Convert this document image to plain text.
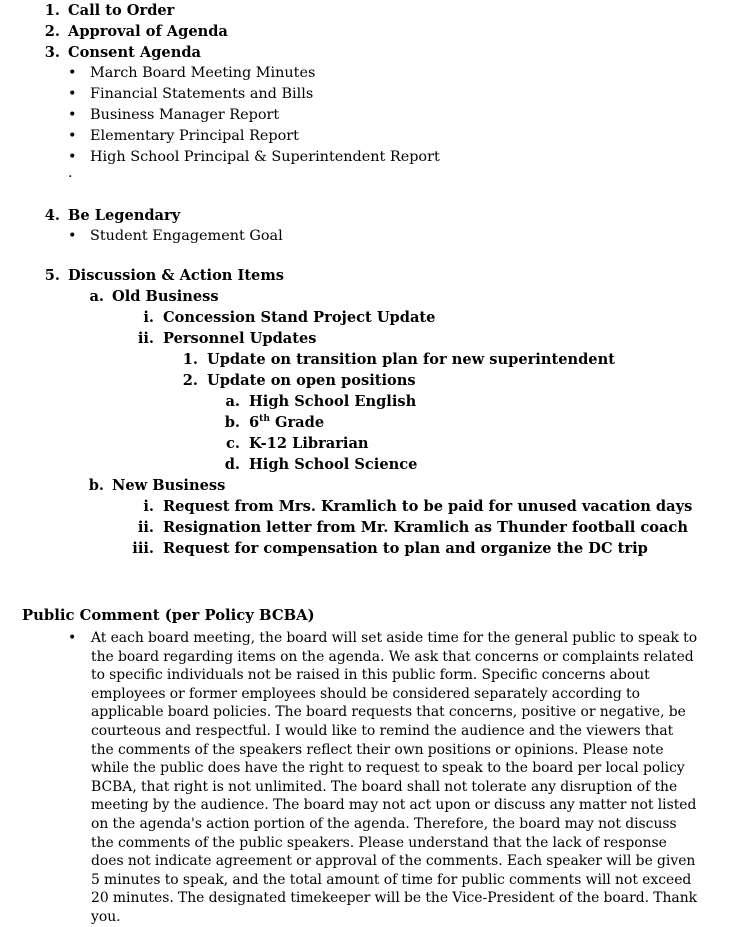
1. Call to Order
2. Approval of Agenda
3. Consent Agenda
• March Board Meeting Minutes
• Financial Statements and Bills
• Business Manager Report
• Elementary Principal Report
• High School Principal & Superintendent Report
·
4. Be Legendary
• Student Engagement Goal
5. Discussion & Action Items
a. Old Business
i. Concession Stand Project Update
ii. Personnel Updates
1. Update on transition plan for new superintendent
2. Update on open positions
a. High School English
b. 6th Grade
c. K-12 Librarian
d. High School Science
b. New Business
i. Request from Mrs. Kramlich to be paid for unused vacation days
ii. Resignation letter from Mr. Kramlich as Thunder football coach
iii. Request for compensation to plan and organize the DC trip
Public Comment (per Policy BCBA)
• At each board meeting, the board will set aside time for the general public to speak to the board regarding items on the agenda. We ask that concerns or complaints related to specific individuals not be raised in this public form. Specific concerns about employees or former employees should be considered separately according to applicable board policies. The board requests that concerns, positive or negative, be courteous and respectful. I would like to remind the audience and the viewers that the comments of the speakers reflect their own positions or opinions. Please note while the public does have the right to request to speak to the board per local policy BCBA, that right is not unlimited. The board shall not tolerate any disruption of the meeting by the audience. The board may not act upon or discuss any matter not listed on the agenda's action portion of the agenda. Therefore, the board may not discuss the comments of the public speakers. Please understand that the lack of response does not indicate agreement or approval of the comments. Each speaker will be given 5 minutes to speak, and the total amount of time for public comments will not exceed 20 minutes. The designated timekeeper will be the Vice-President of the board. Thank you.
